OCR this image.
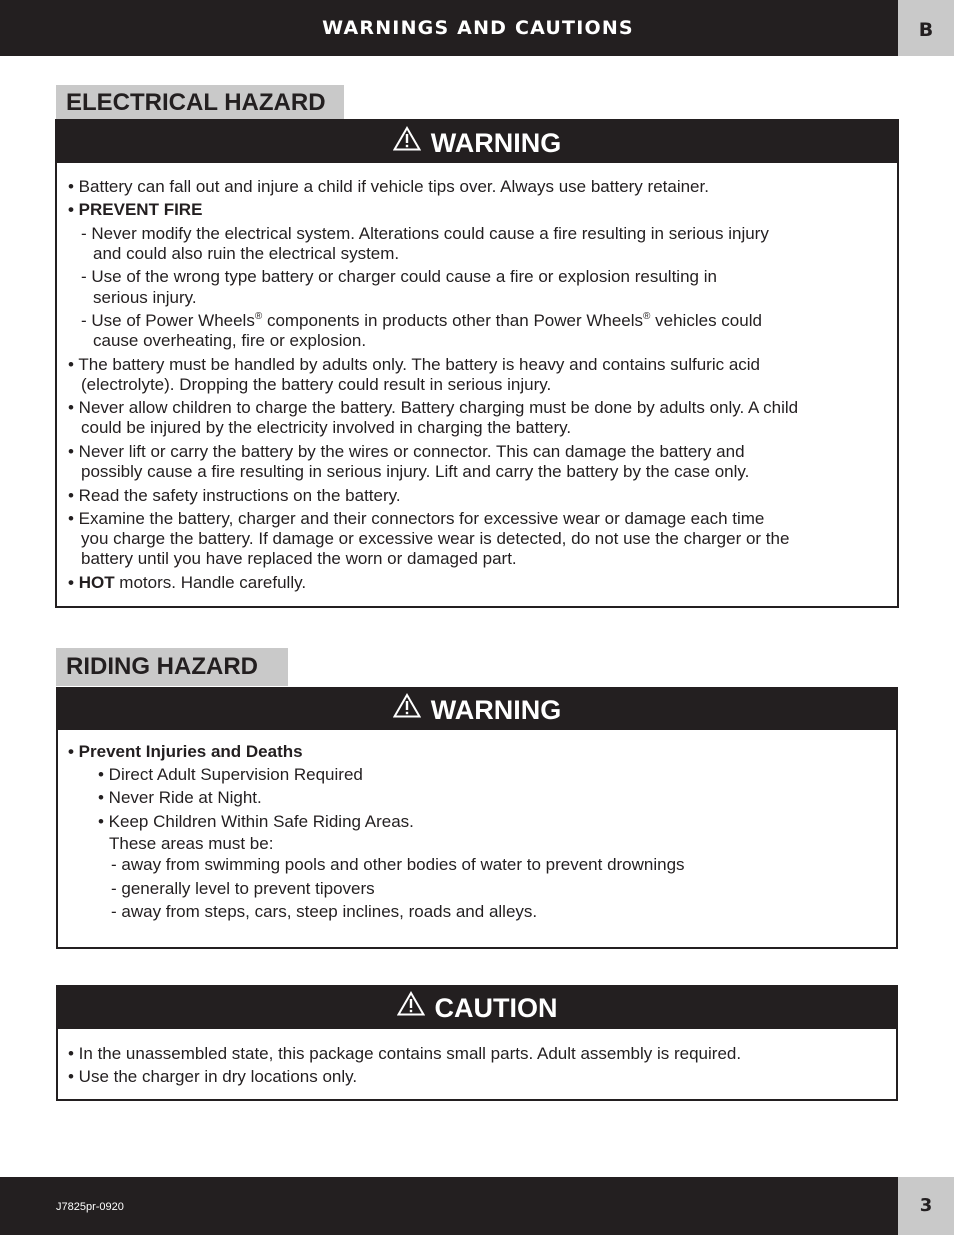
WARNINGS AND CAUTIONS	B
ELECTRICAL HAZARD
WARNING
• Battery can fall out and injure a child if vehicle tips over. Always use battery retainer.
• PREVENT FIRE
- Never modify the electrical system. Alterations could cause a fire resulting in serious injury
and could also ruin the electrical system.
- Use of the wrong type battery or charger could cause a fire or explosion resulting in
serious injury.
- Use of Power Wheels® components in products other than Power Wheels® vehicles could
cause overheating, fire or explosion.
• The battery must be handled by adults only. The battery is heavy and contains sulfuric acid
(electrolyte). Dropping the battery could result in serious injury.
• Never allow children to charge the battery. Battery charging must be done by adults only. A child
could be injured by the electricity involved in charging the battery.
• Never lift or carry the battery by the wires or connector. This can damage the battery and
possibly cause a fire resulting in serious injury. Lift and carry the battery by the case only.
• Read the safety instructions on the battery.
• Examine the battery, charger and their connectors for excessive wear or damage each time
you charge the battery. If damage or excessive wear is detected, do not use the charger or the
battery until you have replaced the worn or damaged part.
• HOT motors. Handle carefully.
RIDING HAZARD
WARNING
• Prevent Injuries and Deaths
• Direct Adult Supervision Required
• Never Ride at Night.
• Keep Children Within Safe Riding Areas.
These areas must be:
- away from swimming pools and other bodies of water to prevent drownings
- generally level to prevent tipovers
- away from steps, cars, steep inclines, roads and alleys.
CAUTION
• In the unassembled state, this package contains small parts. Adult assembly is required.
• Use the charger in dry locations only.
J7825pr-0920	3
